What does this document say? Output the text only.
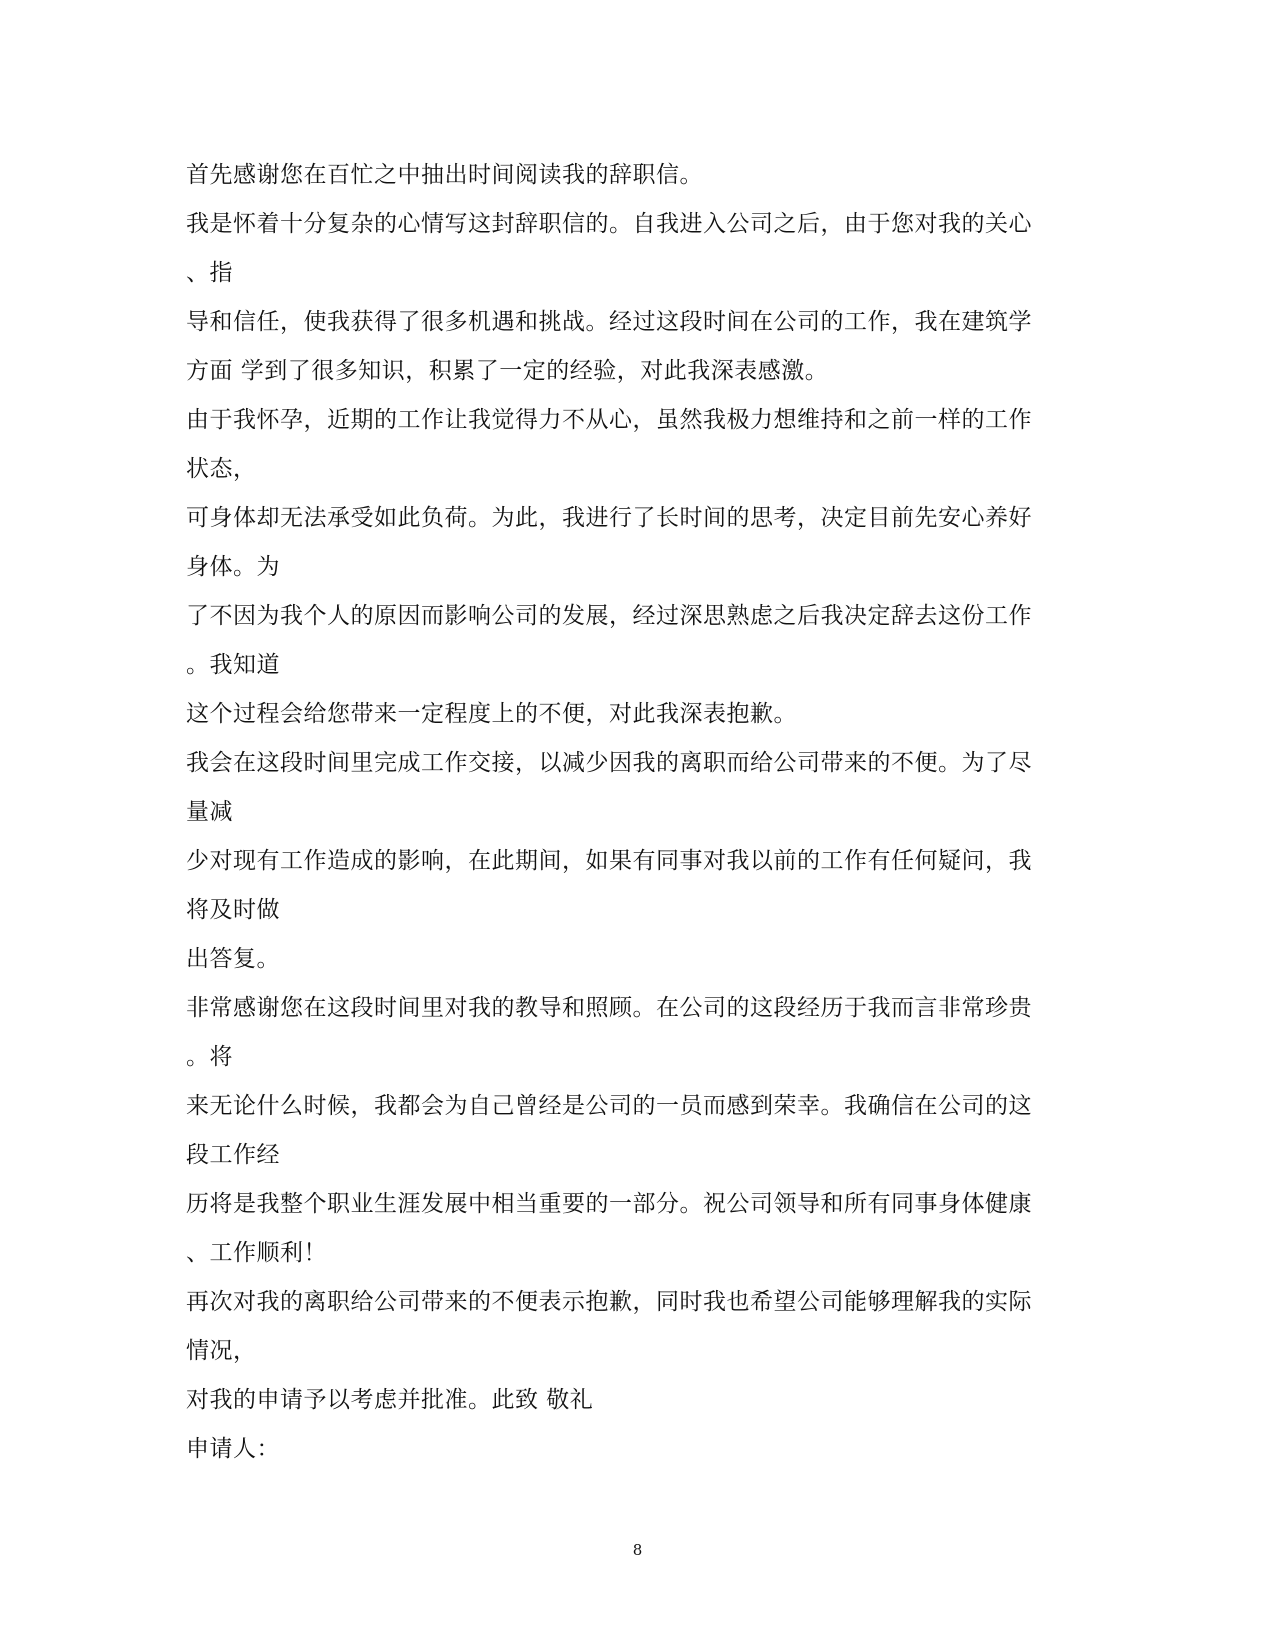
首先感谢您在百忙之中抽出时间阅读我的辞职信。
我是怀着十分复杂的心情写这封辞职信的。自我进入公司之后，由于您对我的关心
、指
导和信任，使我获得了很多机遇和挑战。经过这段时间在公司的工作，我在建筑学
方面 学到了很多知识，积累了一定的经验，对此我深表感激。
由于我怀孕，近期的工作让我觉得力不从心，虽然我极力想维持和之前一样的工作
状态，
可身体却无法承受如此负荷。为此，我进行了长时间的思考，决定目前先安心养好
身体。为
了不因为我个人的原因而影响公司的发展，经过深思熟虑之后我决定辞去这份工作
。我知道
这个过程会给您带来一定程度上的不便，对此我深表抱歉。
我会在这段时间里完成工作交接，以减少因我的离职而给公司带来的不便。为了尽
量减
少对现有工作造成的影响，在此期间，如果有同事对我以前的工作有任何疑问，我
将及时做
出答复。
非常感谢您在这段时间里对我的教导和照顾。在公司的这段经历于我而言非常珍贵
。将
来无论什么时候，我都会为自己曾经是公司的一员而感到荣幸。我确信在公司的这
段工作经
历将是我整个职业生涯发展中相当重要的一部分。祝公司领导和所有同事身体健康
、工作顺利！
再次对我的离职给公司带来的不便表示抱歉，同时我也希望公司能够理解我的实际
情况，
对我的申请予以考虑并批准。此致 敬礼
申请人：
8
